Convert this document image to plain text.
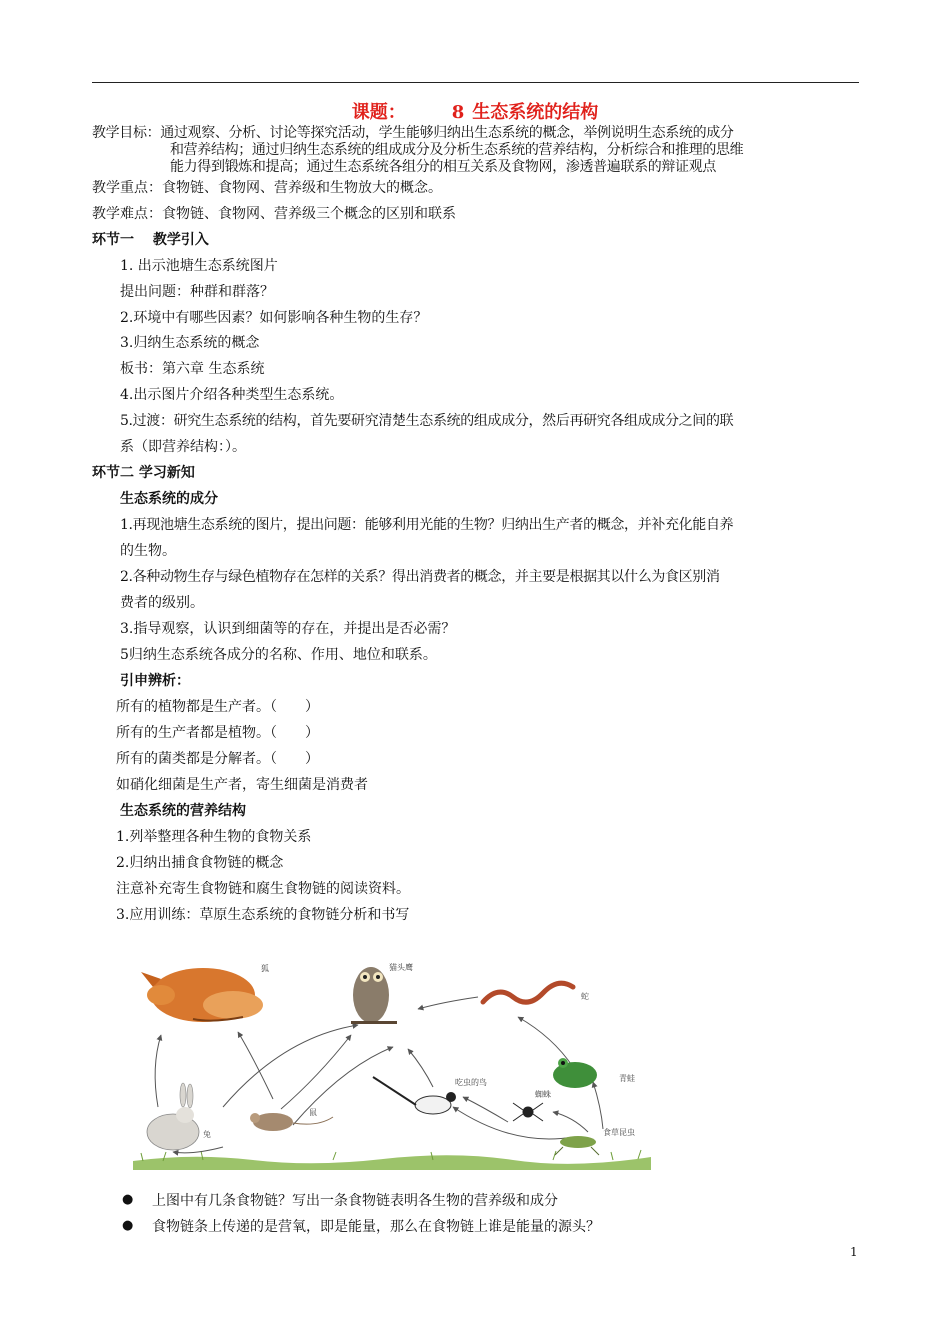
课题：	8 生态系统的结构
教学目标：通过观察、分析、讨论等探究活动，学生能够归纳出生态系统的概念，举例说明生态系统的成分
和营养结构；通过归纳生态系统的组成成分及分析生态系统的营养结构，分析综合和推理的思维
能力得到锻炼和提高；通过生态系统各组分的相互关系及食物网，渗透普遍联系的辩证观点
教学重点：食物链、食物网、营养级和生物放大的概念。
教学难点：食物链、食物网、营养级三个概念的区别和联系
环节一　 教学引入
1. 出示池塘生态系统图片
提出问题：种群和群落？
2.环境中有哪些因素？如何影响各种生物的生存？
3.归纳生态系统的概念
板书：第六章 生态系统
4.出示图片介绍各种类型生态系统。
5.过渡：研究生态系统的结构，首先要研究清楚生态系统的组成成分，然后再研究各组成成分之间的联
系（即营养结构：）。
环节二 学习新知
生态系统的成分
1.再现池塘生态系统的图片，提出问题：能够利用光能的生物？归纳出生产者的概念，并补充化能自养
的生物。
2.各种动物生存与绿色植物存在怎样的关系？得出消费者的概念，并主要是根据其以什么为食区别消
费者的级别。
3.指导观察，认识到细菌等的存在，并提出是否必需？
5归纳生态系统各成分的名称、作用、地位和联系。
引申辨析：
所有的植物都是生产者。（　　）
所有的生产者都是植物。（　　）
所有的菌类都是分解者。（　　）
如硝化细菌是生产者，寄生细菌是消费者
生态系统的营养结构
1.列举整理各种生物的食物关系
2.归纳出捕食食物链的概念
注意补充寄生食物链和腐生食物链的阅读资料。
3.应用训练：草原生态系统的食物链分析和书写
狐	猫头鹰
蛇
青蛙
吃虫的鸟
蜘蛛
食草昆虫
兔
鼠
● 上图中有几条食物链？写出一条食物链表明各生物的营养级和成分
● 食物链条上传递的是营氧，即是能量，那么在食物链上谁是能量的源头？
1
